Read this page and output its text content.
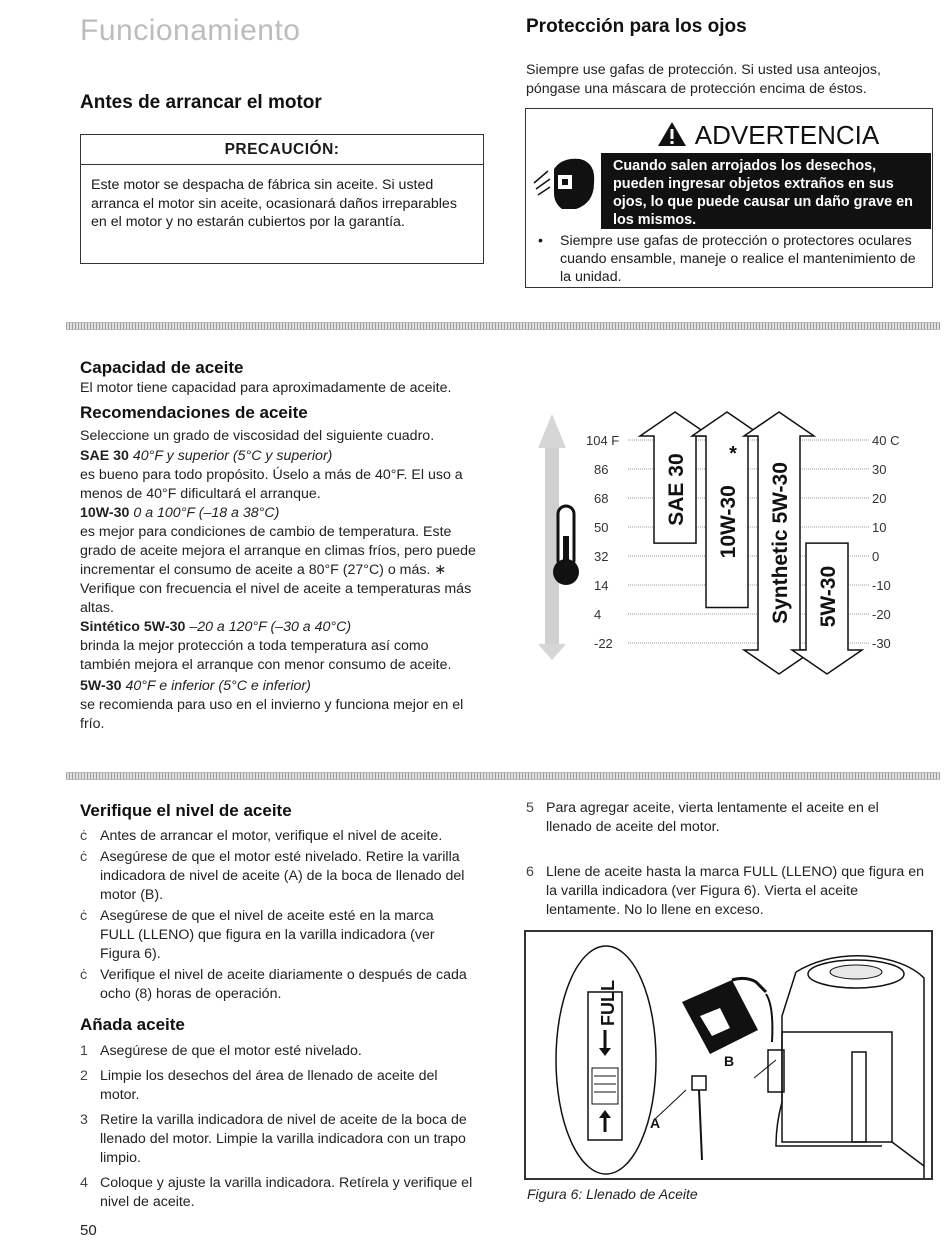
Funcionamiento
Antes de arrancar el motor
PRECAUCIÓN:
Este motor se despacha de fábrica sin aceite. Si usted arranca el motor sin aceite, ocasionará daños irreparables en el motor y no estarán cubiertos por la garantía.
Protección para los ojos
Siempre use gafas de protección. Si usted usa anteojos, póngase una máscara de protección encima de éstos.
ADVERTENCIA
Cuando salen arrojados los desechos, pueden ingresar objetos extraños en sus ojos, lo que puede causar un daño grave en los mismos.
•	Siempre use gafas de protección o protectores oculares cuando ensamble, maneje o realice el mantenimiento de la unidad.
Capacidad de aceite
El motor tiene capacidad para aproximadamente de aceite.
Recomendaciones de aceite
Seleccione un grado de viscosidad del siguiente cuadro.
SAE 30 40°F y superior (5°C y superior)
es bueno para todo propósito. Úselo a más de 40°F. El uso a menos de 40°F dificultará el arranque.
10W-30 0 a 100°F (–18 a 38°C)
es mejor para condiciones de cambio de temperatura. Este grado de aceite mejora el arranque en climas fríos, pero puede incrementar el consumo de aceite a 80°F (27°C) o más. ∗ Verifique con frecuencia el nivel de aceite a temperaturas más altas.
Sintético 5W-30 –20 a 120°F (–30 a 40°C)
brinda la mejor protección a toda temperatura así como también mejora el arranque con menor consumo de aceite.
5W-30 40°F e inferior (5°C e inferior)
se recomienda para uso en el invierno y funciona mejor en el frío.
104 F
86
68
50
32
14
4
-22
40 C
30
20
10
0
-10
-20
-30
SAE 30 10W-30
*
Synthetic 5W-30 5W-30
Verifique el nivel de aceite
ċ Antes de arrancar el motor, verifique el nivel de aceite.
ċ Asegúrese de que el motor esté nivelado. Retire la varilla indicadora de nivel de aceite (A) de la boca de llenado del motor (B).
ċ Asegúrese de que el nivel de aceite esté en la marca FULL (LLENO) que figura en la varilla indicadora (ver Figura 6).
ċ Verifique el nivel de aceite diariamente o después de cada ocho (8) horas de operación.
Añada aceite
1 Asegúrese de que el motor esté nivelado.
2 Limpie los desechos del área de llenado de aceite del motor.
3 Retire la varilla indicadora de nivel de aceite de la boca de llenado del motor. Limpie la varilla indicadora con un trapo limpio.
4 Coloque y ajuste la varilla indicadora. Retírela y verifique el nivel de aceite.
5 Para agregar aceite, vierta lentamente el aceite en el llenado de aceite del motor.
6 Llene de aceite hasta la marca FULL (LLENO) que figura en la varilla indicadora (ver Figura 6). Vierta el aceite lentamente. No lo llene en exceso.
FULL
A
B
Figura 6: Llenado de Aceite
50
